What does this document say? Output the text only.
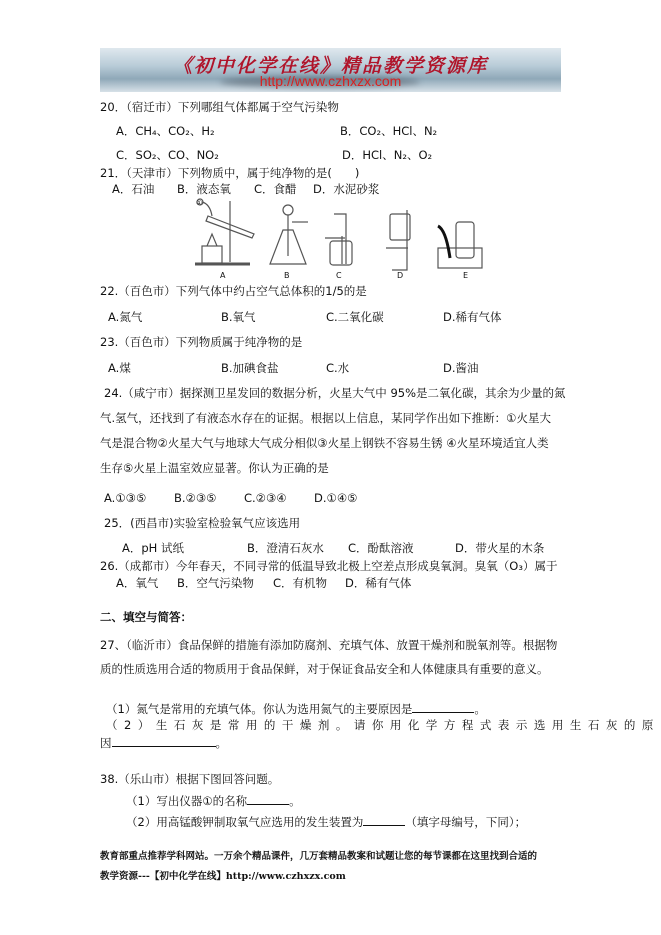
《初中化学在线》精品教学资源库
http://www.czhxzx.com
20．（宿迁市）下列哪组气体都属于空气污染物
A．CH₄、CO₂、H₂	B．CO₂、HCl、N₂
C．SO₂、CO、NO₂	D．HCl、N₂、O₂
21．（天津市）下列物质中，属于纯净物的是(　　)
A．石油 B．液态氧 C．食醋 D．水泥砂浆
A	B	C	D	E
①
22.（百色市）下列气体中约占空气总体积的1/5的是
A.氮气	B.氧气	C.二氧化碳	D.稀有气体
23.（百色市）下列物质属于纯净物的是
A.煤	B.加碘食盐	C.水	D.酱油
24.（咸宁市）据探测卫星发回的数据分析，火星大气中 95%是二氧化碳，其余为少量的氮
气.氢气，还找到了有液态水存在的证据。根据以上信息，某同学作出如下推断：①火星大
气是混合物②火星大气与地球大气成分相似③火星上钢铁不容易生锈 ④火星环境适宜人类
生存⑤火星上温室效应显著。你认为正确的是
A.①③⑤ B.②③⑤ C.②③④ D.①④⑤
25．(西昌市)实验室检验氧气应该选用
A．pH 试纸	B．澄清石灰水 C．酚酞溶液	D．带火星的木条
26.（成都市）今年春天，不同寻常的低温导致北极上空差点形成臭氧洞。臭氧（O₃）属于
A．氧气 B．空气污染物 C．有机物 D．稀有气体
二、填空与简答：
27、（临沂市）食品保鲜的措施有添加防腐剂、充填气体、放置干燥剂和脱氧剂等。根据物
质的性质选用合适的物质用于食品保鲜，对于保证食品安全和人体健康具有重要的意义。
（1）氮气是常用的充填气体。你认为选用氮气的主要原因是	。
（2）生石灰是常用的干燥剂。请你用化学方程式表示选用生石灰的原
因	。
38.（乐山市）根据下图回答问题。
（1）写出仪器①的名称	。
（2）用高锰酸钾制取氧气应选用的发生装置为	（填字母编号，下同）；
教育部重点推荐学科网站。一万余个精品课件，几万套精品教案和试题让您的每节课都在这里找到合适的
教学资源---【初中化学在线】http://www.czhxzx.com
